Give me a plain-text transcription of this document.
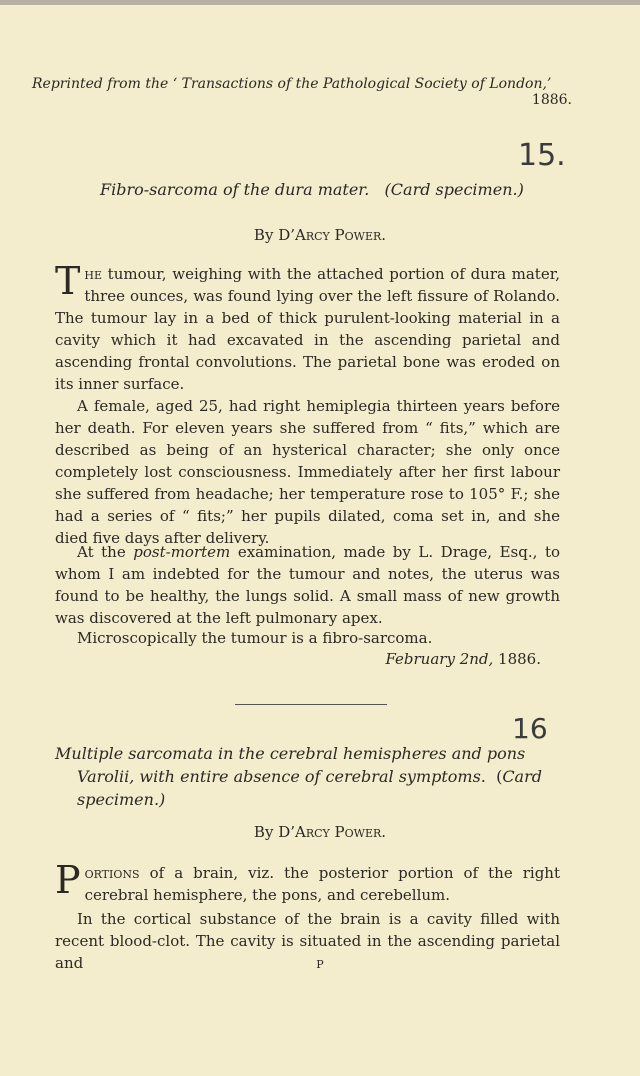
Reprinted from the ‘ Transactions of the Pathological Society of London,’
1886.
15.
Fibro-sarcoma of the dura mater. (Card specimen.)
By D’Arcy Power.
The tumour, weighing with the attached portion of dura mater, three ounces, was found lying over the left fissure of Rolando. The tumour lay in a bed of thick purulent-looking material in a cavity which it had excavated in the ascending parietal and ascending frontal convolutions. The parietal bone was eroded on its inner surface.
A female, aged 25, had right hemiplegia thirteen years before her death. For eleven years she suffered from “ fits,” which are described as being of an hysterical character; she only once completely lost consciousness. Immediately after her first labour she suffered from headache; her temperature rose to 105° F.; she had a series of “ fits;” her pupils dilated, coma set in, and she died five days after delivery.
At the post-mortem examination, made by L. Drage, Esq., to whom I am indebted for the tumour and notes, the uterus was found to be healthy, the lungs solid. A small mass of new growth was discovered at the left pulmonary apex.
Microscopically the tumour is a fibro-sarcoma.
February 2nd, 1886.
16
Multiple sarcomata in the cerebral hemispheres and pons
Varolii, with entire absence of cerebral symptoms. (Card
specimen.)
By D’Arcy Power.
Portions of a brain, viz. the posterior portion of the right cerebral hemisphere, the pons, and cerebellum.
In the cortical substance of the brain is a cavity filled with recent blood-clot. The cavity is situated in the ascending parietal and	P
